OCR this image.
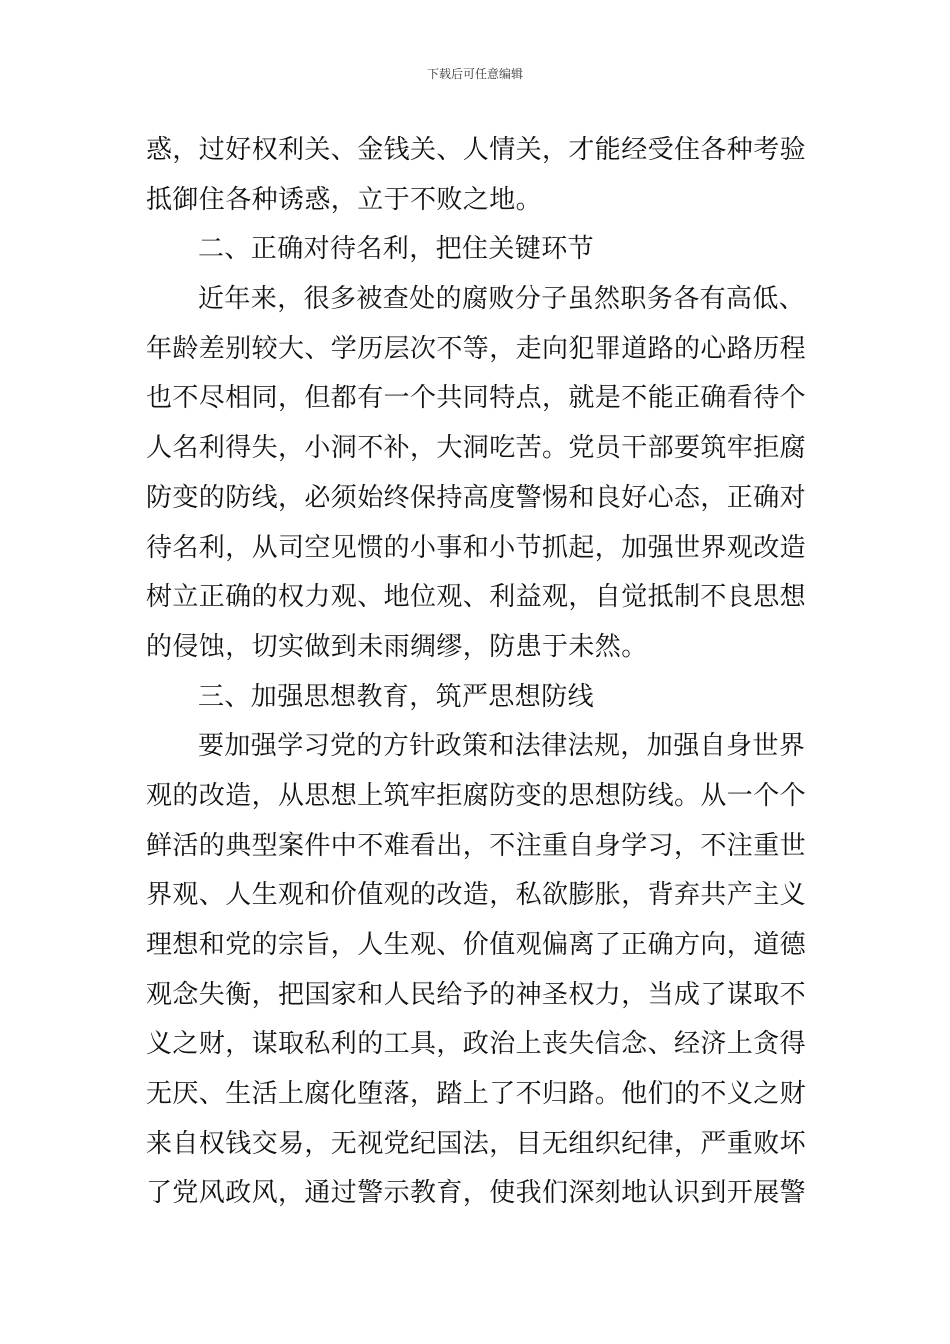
下载后可任意编辑
惑，过好权利关、金钱关、人情关，才能经受住各种考验
抵御住各种诱惑，立于不败之地。
二、正确对待名利，把住关键环节
近年来，很多被查处的腐败分子虽然职务各有高低、
年龄差别较大、学历层次不等，走向犯罪道路的心路历程
也不尽相同，但都有一个共同特点，就是不能正确看待个
人名利得失，小洞不补，大洞吃苦。党员干部要筑牢拒腐
防变的防线，必须始终保持高度警惕和良好心态，正确对
待名利，从司空见惯的小事和小节抓起，加强世界观改造
树立正确的权力观、地位观、利益观，自觉抵制不良思想
的侵蚀，切实做到未雨绸缪，防患于未然。
三、加强思想教育，筑严思想防线
要加强学习党的方针政策和法律法规，加强自身世界
观的改造，从思想上筑牢拒腐防变的思想防线。从一个个
鲜活的典型案件中不难看出，不注重自身学习，不注重世
界观、人生观和价值观的改造，私欲膨胀，背弃共产主义
理想和党的宗旨，人生观、价值观偏离了正确方向，道德
观念失衡，把国家和人民给予的神圣权力，当成了谋取不
义之财，谋取私利的工具，政治上丧失信念、经济上贪得
无厌、生活上腐化堕落，踏上了不归路。他们的不义之财
来自权钱交易，无视党纪国法，目无组织纪律，严重败坏
了党风政风，通过警示教育，使我们深刻地认识到开展警
